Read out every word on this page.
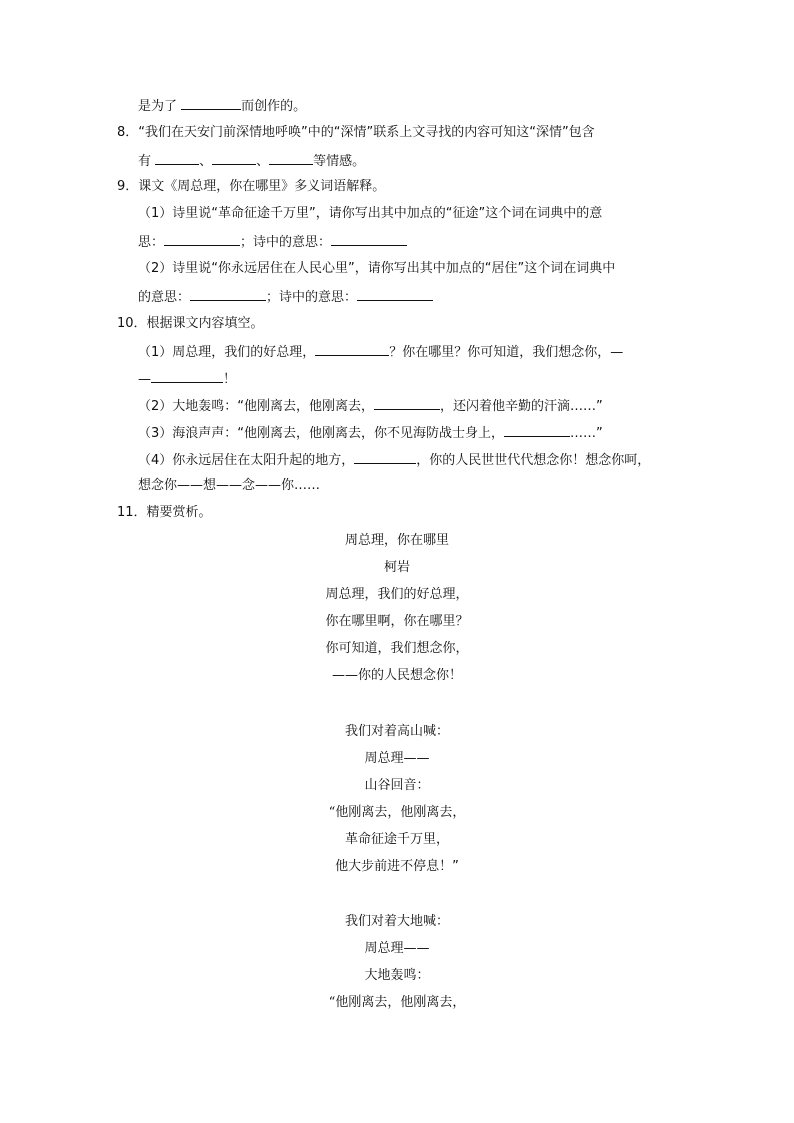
是为了	而创作的。
8．“我们在天安门前深情地呼唤”中的“深情”联系上文寻找的内容可知这“深情”包含
有	、	、	等情感。
9．课文《周总理，你在哪里》多义词语解释。
（1）诗里说“革命征途千万里”，请你写出其中加点的“征途”这个词在词典中的意
思：	；诗中的意思：
（2）诗里说“你永远居住在人民心里”，请你写出其中加点的“居住”这个词在词典中
的意思：	；诗中的意思：
10．根据课文内容填空。
（1）周总理，我们的好总理，	？你在哪里？你可知道，我们想念你，—
—	！
（2）大地轰鸣：“他刚离去，他刚离去，	，还闪着他辛勤的汗滴……”
（3）海浪声声：“他刚离去，他刚离去，你不见海防战士身上，	……”
（4）你永远居住在太阳升起的地方，	，你的人民世世代代想念你！想念你呵，
想念你——想——念——你……
11．精要赏析。
周总理，你在哪里
柯岩
周总理，我们的好总理，
你在哪里啊，你在哪里？
你可知道，我们想念你，
——你的人民想念你！
我们对着高山喊：
周总理——
山谷回音：
“他刚离去，他刚离去，
革命征途千万里，
他大步前进不停息！”
我们对着大地喊：
周总理——
大地轰鸣：
“他刚离去，他刚离去，
